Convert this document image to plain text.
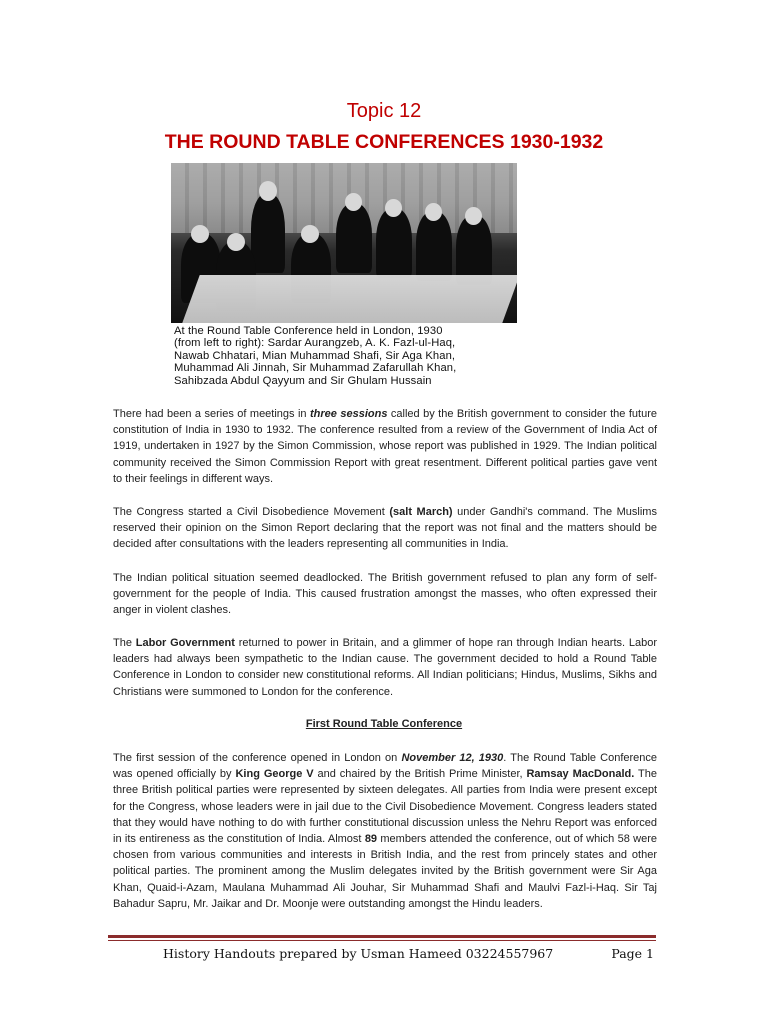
Topic 12
THE ROUND TABLE CONFERENCES 1930-1932
At the Round Table Conference held in London, 1930
(from left to right): Sardar Aurangzeb, A. K. Fazl-ul-Haq,
Nawab Chhatari, Mian Muhammad Shafi, Sir Aga Khan,
Muhammad Ali Jinnah, Sir Muhammad Zafarullah Khan,
Sahibzada Abdul Qayyum and Sir Ghulam Hussain
There had been a series of meetings in three sessions called by the British government to consider the future constitution of India in 1930 to 1932. The conference resulted from a review of the Government of India Act of 1919, undertaken in 1927 by the Simon Commission, whose report was published in 1929. The Indian political community received the Simon Commission Report with great resentment. Different political parties gave vent to their feelings in different ways.
The Congress started a Civil Disobedience Movement (salt March) under Gandhi's command. The Muslims reserved their opinion on the Simon Report declaring that the report was not final and the matters should be decided after consultations with the leaders representing all communities in India.
The Indian political situation seemed deadlocked. The British government refused to plan any form of self-government for the people of India. This caused frustration amongst the masses, who often expressed their anger in violent clashes.
The Labor Government returned to power in Britain, and a glimmer of hope ran through Indian hearts. Labor leaders had always been sympathetic to the Indian cause. The government decided to hold a Round Table Conference in London to consider new constitutional reforms. All Indian politicians; Hindus, Muslims, Sikhs and Christians were summoned to London for the conference.
First Round Table Conference
The first session of the conference opened in London on November 12, 1930. The Round Table Conference was opened officially by King George V and chaired by the British Prime Minister, Ramsay MacDonald. The three British political parties were represented by sixteen delegates. All parties from India were present except for the Congress, whose leaders were in jail due to the Civil Disobedience Movement. Congress leaders stated that they would have nothing to do with further constitutional discussion unless the Nehru Report was enforced in its entireness as the constitution of India. Almost 89 members attended the conference, out of which 58 were chosen from various communities and interests in British India, and the rest from princely states and other political parties. The prominent among the Muslim delegates invited by the British government were Sir Aga Khan, Quaid-i-Azam, Maulana Muhammad Ali Jouhar, Sir Muhammad Shafi and Maulvi Fazl-i-Haq. Sir Taj Bahadur Sapru, Mr. Jaikar and Dr. Moonje were outstanding amongst the Hindu leaders.
History Handouts prepared by Usman Hameed 03224557967	Page 1
